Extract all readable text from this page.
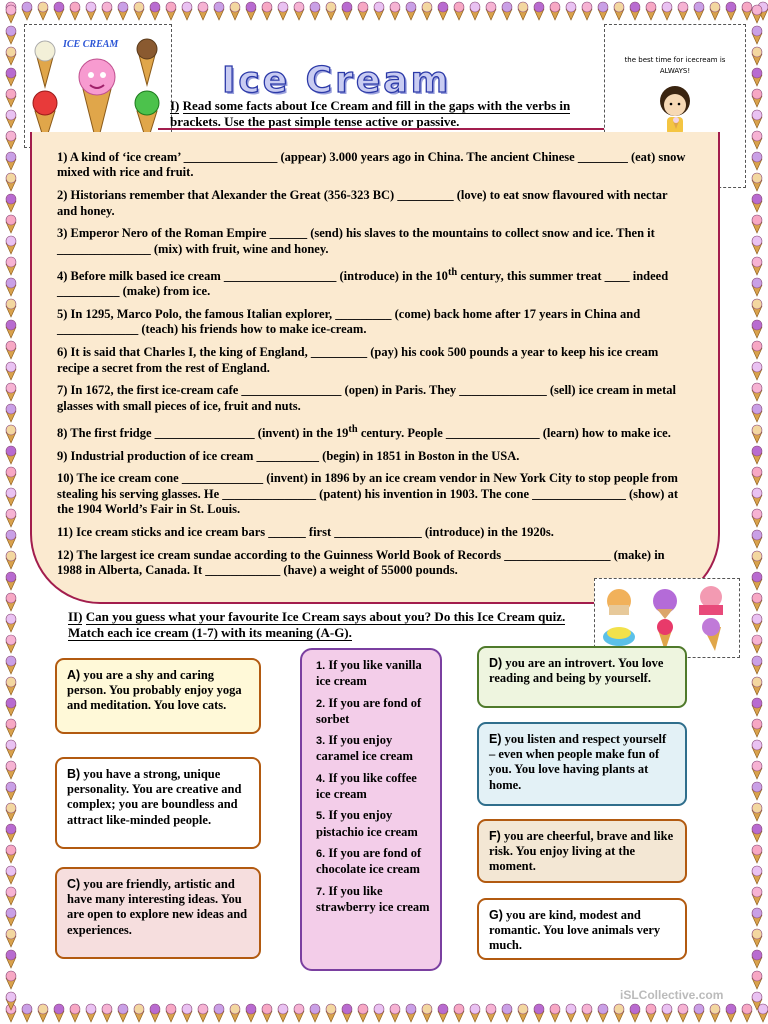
ICE CREAM
the best time for icecream is ALWAYS!
Ice Cream
I) Read some facts about Ice Cream and fill in the gaps with the verbs in brackets. Use the past simple tense active or passive.
1) A kind of ‘ice cream’ _______________ (appear) 3.000 years ago in China. The ancient Chinese ________ (eat) snow mixed with rice and fruit.
2) Historians remember that Alexander the Great (356-323 BC) _________ (love) to eat snow flavoured with nectar and honey.
3) Emperor Nero of the Roman Empire ______ (send) his slaves to the mountains to collect snow and ice. Then it _______________ (mix) with fruit, wine and honey.
4) Before milk based ice cream __________________ (introduce) in the 10th century, this summer treat ____ indeed __________ (make) from ice.
5) In 1295, Marco Polo, the famous Italian explorer, _________ (come) back home after 17 years in China and _____________ (teach) his friends how to make ice-cream.
6) It is said that Charles I, the king of England, _________ (pay) his cook 500 pounds a year to keep his ice cream recipe a secret from the rest of England.
7) In 1672, the first ice-cream cafe ________________ (open) in Paris. They ______________ (sell) ice cream in metal glasses with small pieces of ice, fruit and nuts.
8) The first fridge ________________ (invent) in the 19th century. People _______________ (learn) how to make ice.
9) Industrial production of ice cream __________ (begin) in 1851 in Boston in the USA.
10) The ice cream cone _____________ (invent) in 1896 by an ice cream vendor in New York City to stop people from stealing his serving glasses. He _______________ (patent) his invention in 1903. The cone _______________ (show) at the 1904 World’s Fair in St. Louis.
11) Ice cream sticks and ice cream bars ______ first ______________ (introduce) in the 1920s.
12) The largest ice cream sundae according to the Guinness World Book of Records _________________ (make) in 1988 in Alberta, Canada. It ____________ (have) a weight of 55000 pounds.
II) Can you guess what your favourite Ice Cream says about you? Do this Ice Cream quiz. Match each ice cream (1-7) with its meaning (A-G).
A) you are a shy and caring person. You probably enjoy yoga and meditation. You love cats.
B) you have a strong, unique personality. You are creative and complex; you are boundless and attract like-minded people.
C) you are friendly, artistic and have many interesting ideas. You are open to explore new ideas and experiences.
1. If you like vanilla ice cream
2. If you are fond of sorbet
3. If you enjoy caramel ice cream
4. If you like coffee ice cream
5. If you enjoy pistachio ice cream
6. If you are fond of chocolate ice cream
7. If you like strawberry ice cream
D) you are an introvert. You love reading and being by yourself.
E) you listen and respect yourself – even when people make fun of you. You love having plants at home.
F) you are cheerful, brave and like risk. You enjoy living at the moment.
G) you are kind, modest and romantic. You love animals very much.
iSLCollective.com
